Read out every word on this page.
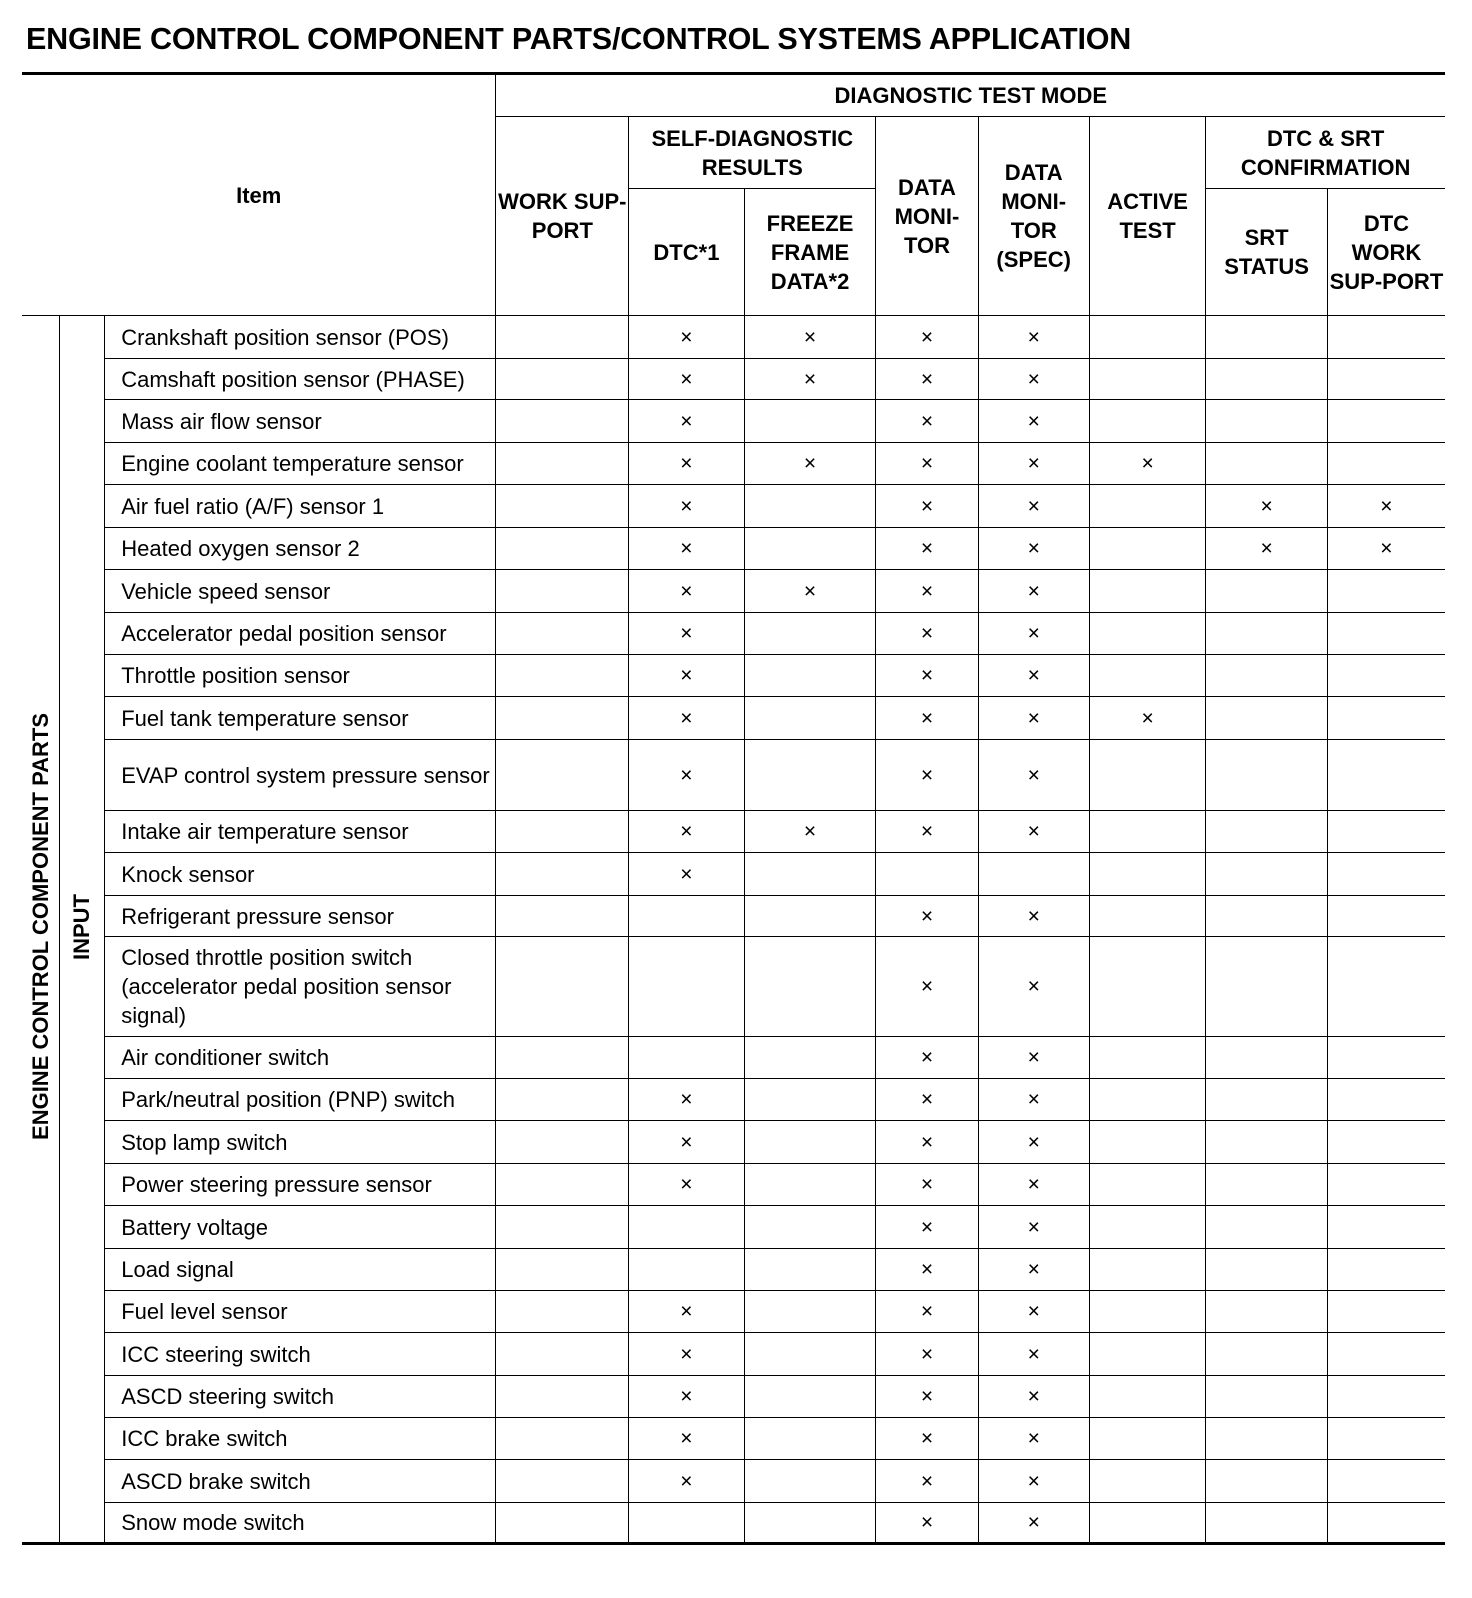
ENGINE CONTROL COMPONENT PARTS/CONTROL SYSTEMS APPLICATION
Item			DIAGNOSTIC TEST MODE							
			WORK SUP-PORT	SELF-DIAGNOSTIC RESULTS		DATA MONI-TOR	DATA MONI-TOR (SPEC)	ACTIVE TEST	DTC & SRT CONFIRMATION	
				DTC*1	FREEZE FRAME DATA*2				SRT STATUS	DTC WORK SUP-PORT
ENGINE CONTROL COMPONENT PARTS	INPUT	Crankshaft position sensor (POS)		×	×	×	×			
		Camshaft position sensor (PHASE)		×	×	×	×			
		Mass air flow sensor		×		×	×			
		Engine coolant temperature sensor		×	×	×	×	×		
		Air fuel ratio (A/F) sensor 1		×		×	×		×	×
		Heated oxygen sensor 2		×		×	×		×	×
		Vehicle speed sensor		×	×	×	×			
		Accelerator pedal position sensor		×		×	×			
		Throttle position sensor		×		×	×			
		Fuel tank temperature sensor		×		×	×	×		
		EVAP control system pressure sensor		×		×	×			
		Intake air temperature sensor		×	×	×	×			
		Knock sensor		×						
		Refrigerant pressure sensor				×	×			
		Closed throttle position switch (accelerator pedal position sensor signal)				×	×			
		Air conditioner switch				×	×			
		Park/neutral position (PNP) switch		×		×	×			
		Stop lamp switch		×		×	×			
		Power steering pressure sensor		×		×	×			
		Battery voltage				×	×			
		Load signal				×	×			
		Fuel level sensor		×		×	×			
		ICC steering switch		×		×	×			
		ASCD steering switch		×		×	×			
		ICC brake switch		×		×	×			
		ASCD brake switch		×		×	×			
		Snow mode switch				×	×			
